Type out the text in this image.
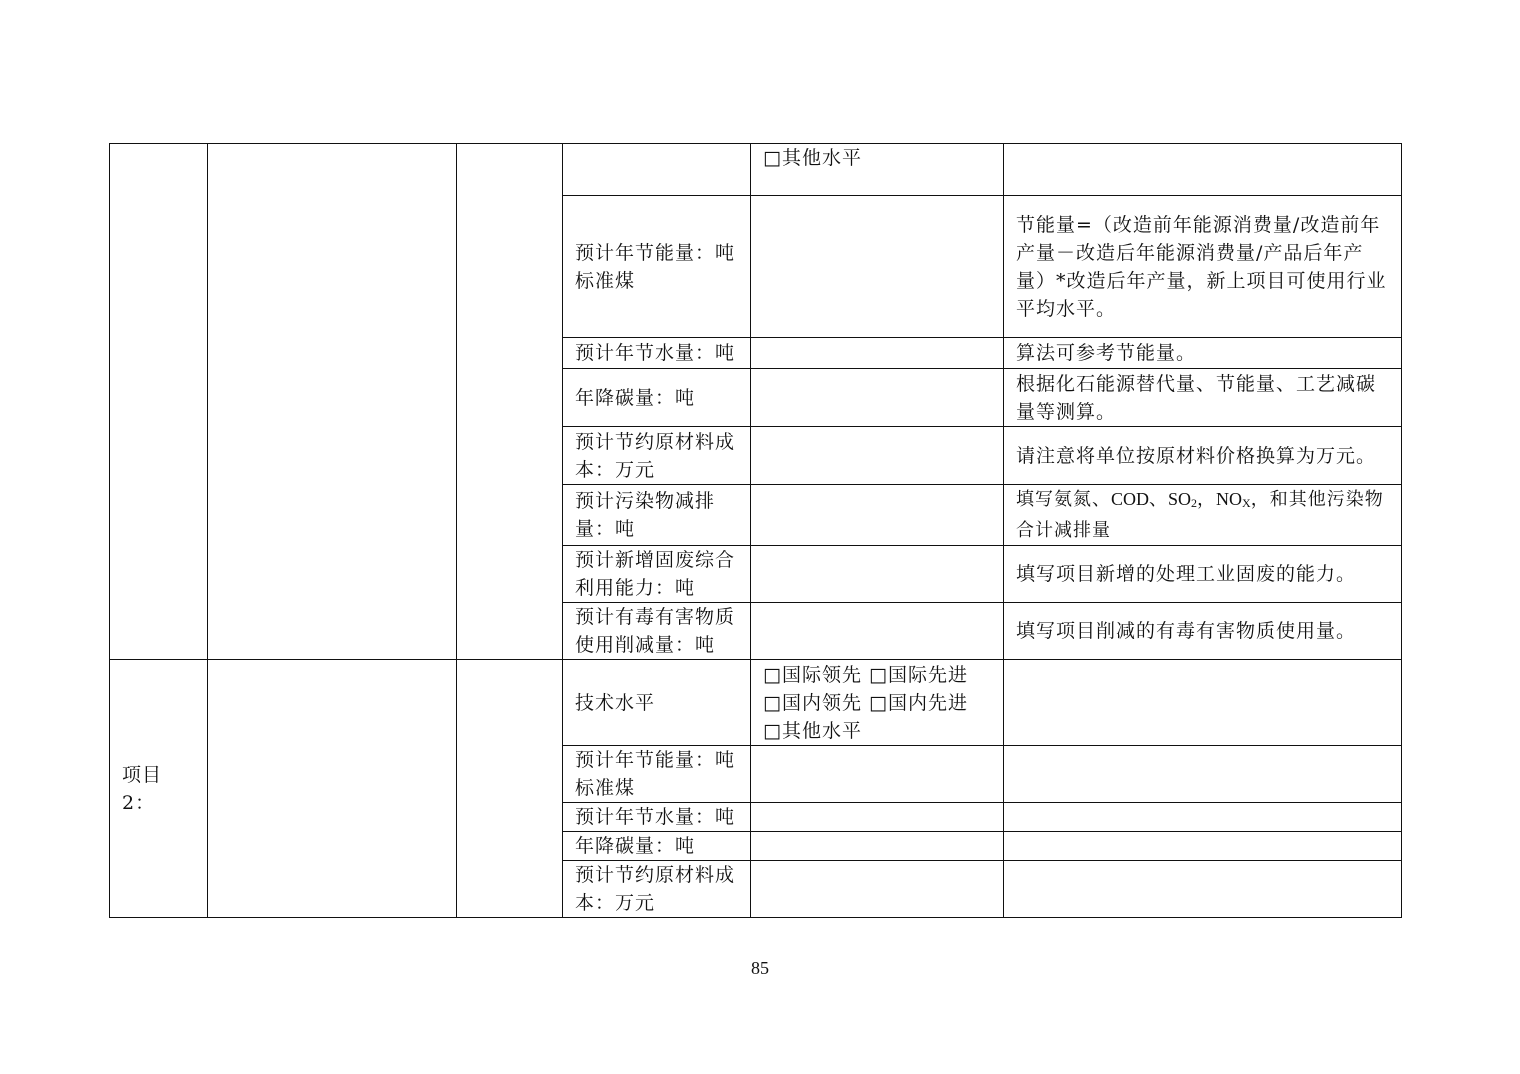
				□其他水平	
			预计年节能量：吨标准煤		节能量=（改造前年能源消费量/改造前年
产量－改造后年能源消费量/产品后年产

量）*改造后年产量，新上项目可使用行业平均水平。

			预计年节水量：吨		算法可参考节能量。
			年降碳量：吨		根据化石能源替代量、节能量、工艺减碳量等测算。
			预计节约原材料成本：万元		请注意将单位按原材料价格换算为万元。
			预计污染物减排量：吨		填写氨氮、COD、$SO_2$，$NO_X$，和其他污染物合计减排量
			预计新增固废综合利用能力：吨		填写项目新增的处理工业固废的能力。
			预计有毒有害物质使用削减量：吨		填写项目削减的有毒有害物质使用量。
项目 2：			技术水平	□国际领先 □国际先进
□国内领先 □国内先进
□其他水平	
			预计年节能量：吨标准煤		
			预计年节水量：吨		
			年降碳量：吨		
			预计节约原材料成本：万元		
85
